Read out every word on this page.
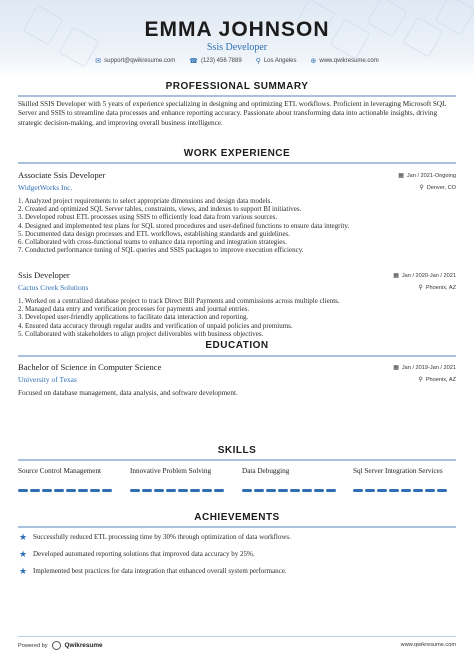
EMMA JOHNSON
Ssis Developer
✉ support@qwikresume.com ☎ (123) 456 7889 ⚲ Los Angeles ⊕ www.qwikresume.com
PROFESSIONAL SUMMARY
Skilled SSIS Developer with 5 years of experience specializing in designing and optimizing ETL workflows. Proficient in leveraging Microsoft SQL Server and SSIS to streamline data processes and enhance reporting accuracy. Passionate about transforming data into actionable insights, driving strategic decision-making, and improving overall business intelligence.
WORK EXPERIENCE
Associate Ssis Developer	▦ Jan / 2021-Ongoing
WidgetWorks Inc.	⚲ Denver, CO
1. Analyzed project requirements to select appropriate dimensions and design data models.
2. Created and optimized SQL Server tables, constraints, views, and indexes to support BI initiatives.
3. Developed robust ETL processes using SSIS to efficiently load data from various sources.
4. Designed and implemented test plans for SQL stored procedures and user-defined functions to ensure data integrity.
5. Documented data design processes and ETL workflows, establishing standards and guidelines.
6. Collaborated with cross-functional teams to enhance data reporting and integration strategies.
7. Conducted performance tuning of SQL queries and SSIS packages to improve execution efficiency.
Ssis Developer	▦ Jan / 2020-Jan / 2021
Cactus Creek Solutions	⚲ Phoenix, AZ
1. Worked on a centralized database project to track Direct Bill Payments and commissions across multiple clients.
2. Managed data entry and verification processes for payments and journal entries.
3. Developed user-friendly applications to facilitate data interaction and reporting.
4. Ensured data accuracy through regular audits and verification of unpaid policies and premiums.
5. Collaborated with stakeholders to align project deliverables with business objectives.
EDUCATION
Bachelor of Science in Computer Science	▦ Jan / 2019-Jan / 2021
University of Texas	⚲ Phoenix, AZ
Focused on database management, data analysis, and software development.
SKILLS
Source Control Management	Innovative Problem Solving	Data Debugging	Sql Server Integration Services
ACHIEVEMENTS
★ Successfully reduced ETL processing time by 30% through optimization of data workflows.
★ Developed automated reporting solutions that improved data accuracy by 25%.
★ Implemented best practices for data integration that enhanced overall system performance.
Powered by	Qwikresume	www.qwikresume.com
